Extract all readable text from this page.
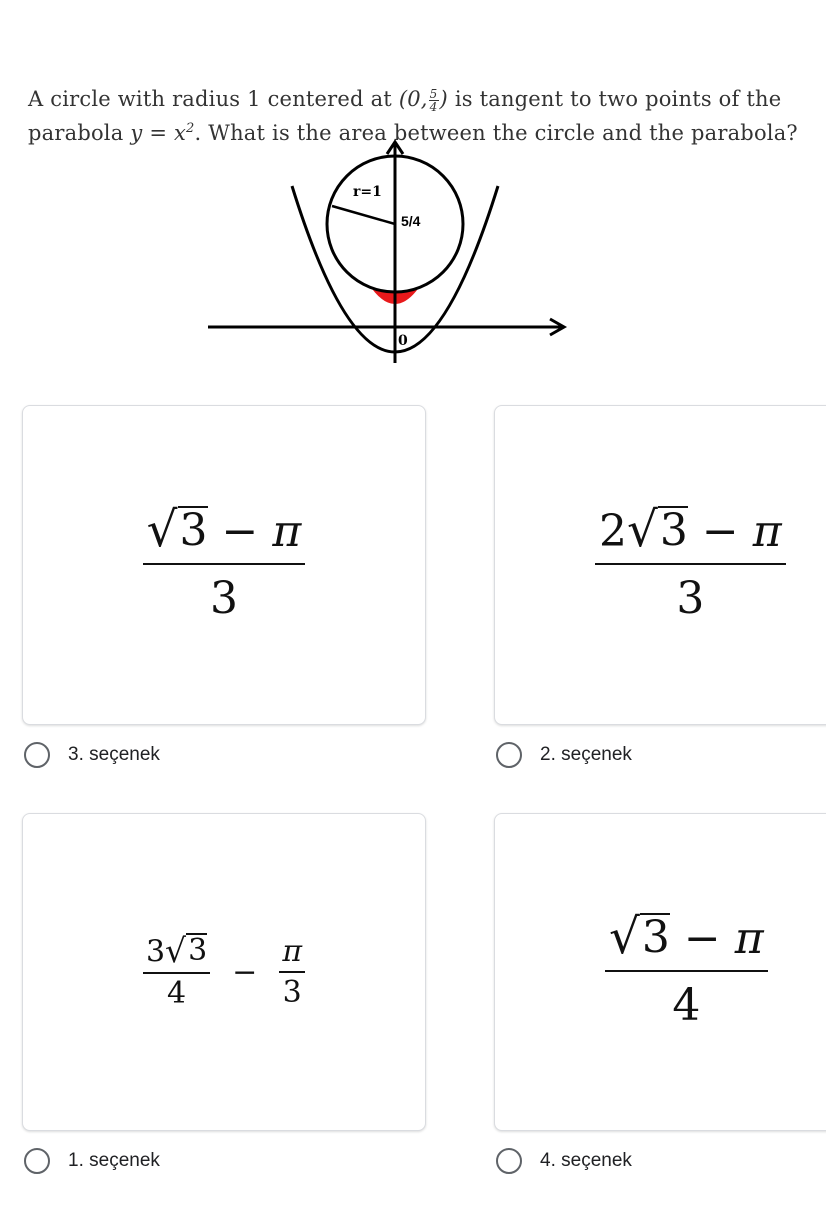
A circle with radius 1 centered at (0, $\frac{5}{4}$ ) is tangent to two points of the parabola $y = x^2$. What is the area between the circle and the parabola?
r=1
5/4
0
$\frac{√ 3 - \pi}{3}$
3. seçenek
$\frac{2 √ 3 - \pi}{3}$
2. seçenek
$\frac{3 √ 3}{4} - \frac{\pi}{3}$
1. seçenek
$\frac{√ 3 - \pi}{4}$
4. seçenek
